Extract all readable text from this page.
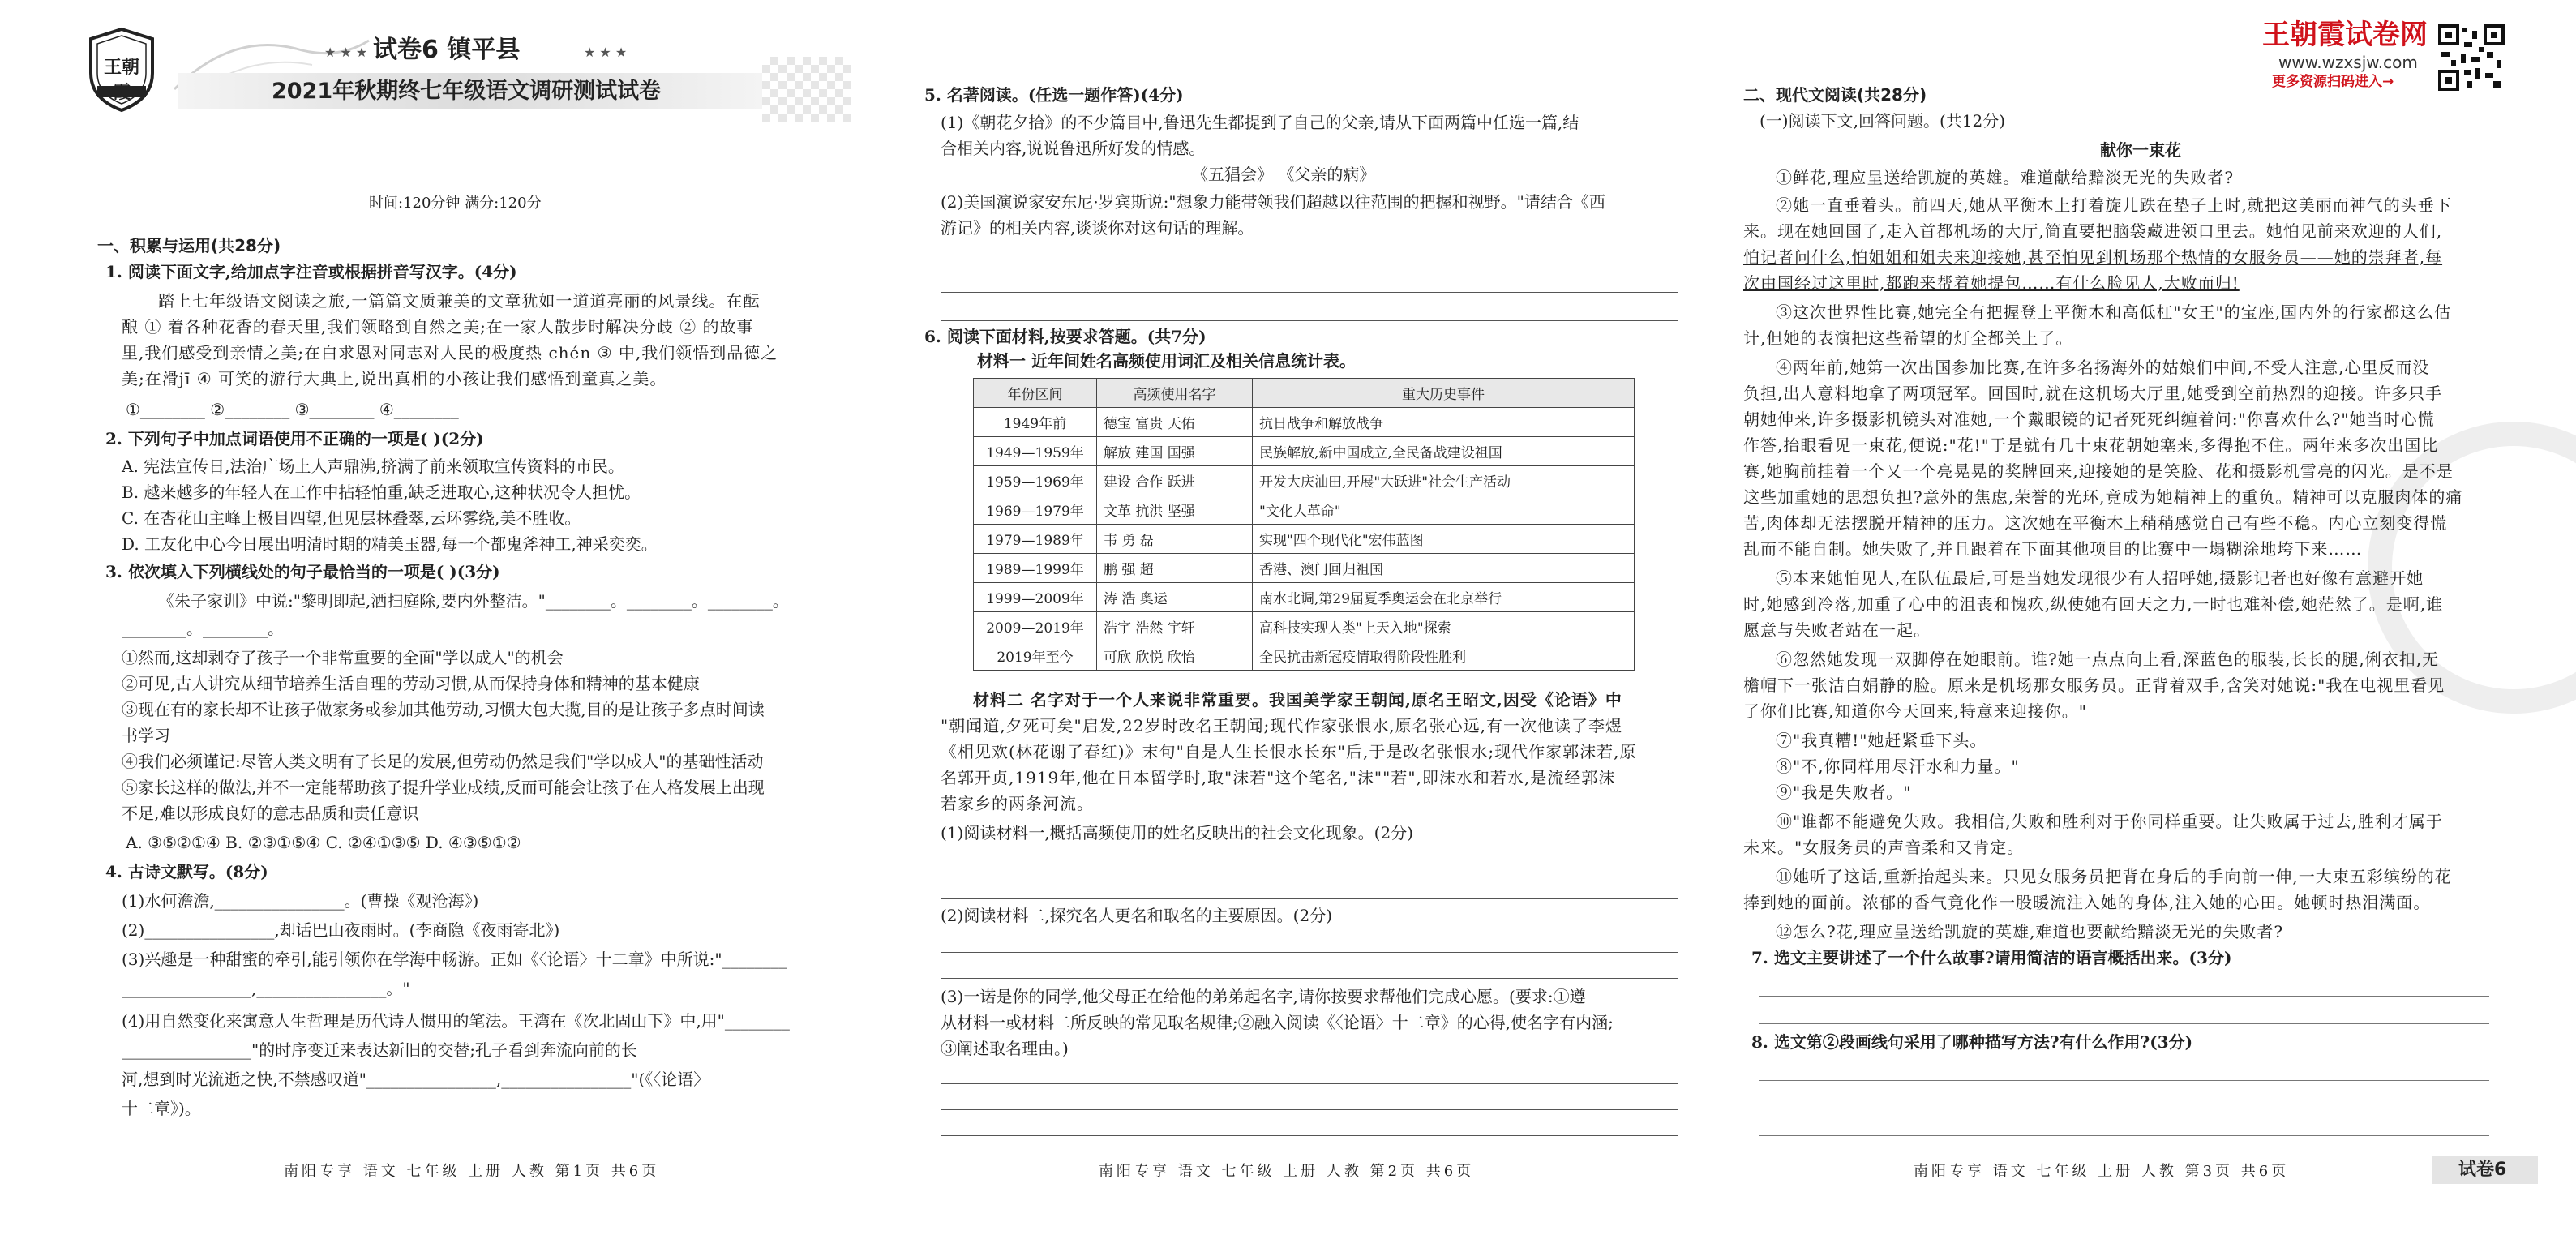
王朝霞
★ ★ ★ 试卷6 镇平县	★ ★ ★
2021年秋期终七年级语文调研测试试卷
时间:120分钟 满分:120分
一、积累与运用(共28分)
1. 阅读下面文字,给加点字注音或根据拼音写汉字。(4分)
踏上七年级语文阅读之旅,一篇篇文质兼美的文章犹如一道道亮丽的风景线。在酝
酿 ① 着各种花香的春天里,我们领略到自然之美;在一家人散步时解决分歧 ② 的故事
里,我们感受到亲情之美;在白求恩对同志对人民的极度热 chén ③ 中,我们领悟到品德之
美;在滑jī ④ 可笑的游行大典上,说出真相的小孩让我们感悟到童真之美。
①________ ②________ ③________ ④________
2. 下列句子中加点词语使用不正确的一项是( )(2分)
A. 宪法宣传日,法治广场上人声鼎沸,挤满了前来领取宣传资料的市民。
B. 越来越多的年轻人在工作中拈轻怕重,缺乏进取心,这种状况令人担忧。
C. 在杏花山主峰上极目四望,但见层林叠翠,云环雾绕,美不胜收。
D. 工友化中心今日展出明清时期的精美玉器,每一个都鬼斧神工,神采奕奕。
3. 依次填入下列横线处的句子最恰当的一项是( )(3分)
《朱子家训》中说:"黎明即起,洒扫庭除,要内外整洁。"________。________。________。
________。________。
①然而,这却剥夺了孩子一个非常重要的全面"学以成人"的机会
②可见,古人讲究从细节培养生活自理的劳动习惯,从而保持身体和精神的基本健康
③现在有的家长却不让孩子做家务或参加其他劳动,习惯大包大揽,目的是让孩子多点时间读
书学习
④我们必须谨记:尽管人类文明有了长足的发展,但劳动仍然是我们"学以成人"的基础性活动
⑤家长这样的做法,并不一定能帮助孩子提升学业成绩,反而可能会让孩子在人格发展上出现
不足,难以形成良好的意志品质和责任意识
A. ③⑤②①④ B. ②③①⑤④ C. ②④①③⑤ D. ④③⑤①②
4. 古诗文默写。(8分)
(1)水何澹澹,________________。(曹操《观沧海》)
(2)________________,却话巴山夜雨时。(李商隐《夜雨寄北》)
(3)兴趣是一种甜蜜的牵引,能引领你在学海中畅游。正如《〈论语〉十二章》中所说:"________
________________,________________。"
(4)用自然变化来寓意人生哲理是历代诗人惯用的笔法。王湾在《次北固山下》中,用"________
________________"的时序变迁来表达新旧的交替;孔子看到奔流向前的长
河,想到时光流逝之快,不禁感叹道"________________,________________"(《〈论语〉
十二章》)。
南阳专享 语文 七年级 上册 人教 第1页 共6页
5. 名著阅读。(任选一题作答)(4分)
(1)《朝花夕拾》的不少篇目中,鲁迅先生都提到了自己的父亲,请从下面两篇中任选一篇,结
合相关内容,说说鲁迅所好发的情感。
《五猖会》 《父亲的病》
(2)美国演说家安东尼·罗宾斯说:"想象力能带领我们超越以往范围的把握和视野。"请结合《西
游记》的相关内容,谈谈你对这句话的理解。
6. 阅读下面材料,按要求答题。(共7分)
材料一 近年间姓名高频使用词汇及相关信息统计表。
年份区间	高频使用名字	重大历史事件
1949年前	德宝 富贵 天佑	抗日战争和解放战争
1949—1959年	解放 建国 国强	民族解放,新中国成立,全民备战建设祖国
1959—1969年	建设 合作 跃进	开发大庆油田,开展"大跃进"社会生产活动
1969—1979年	文革 抗洪 坚强	"文化大革命"
1979—1989年	韦 勇 磊	实现"四个现代化"宏伟蓝图
1989—1999年	鹏 强 超	香港、澳门回归祖国
1999—2009年	涛 浩 奥运	南水北调,第29届夏季奥运会在北京举行
2009—2019年	浩宇 浩然 宇轩	高科技实现人类"上天入地"探索
2019年至今	可欣 欣悦 欣怡	全民抗击新冠疫情取得阶段性胜利
材料二 名字对于一个人来说非常重要。我国美学家王朝闻,原名王昭文,因受《论语》中
"朝闻道,夕死可矣"启发,22岁时改名王朝闻;现代作家张恨水,原名张心远,有一次他读了李煜
《相见欢(林花谢了春红)》末句"自是人生长恨水长东"后,于是改名张恨水;现代作家郭沫若,原
名郭开贞,1919年,他在日本留学时,取"沫若"这个笔名,"沫""若",即沫水和若水,是流经郭沫
若家乡的两条河流。
(1)阅读材料一,概括高频使用的姓名反映出的社会文化现象。(2分)
(2)阅读材料二,探究名人更名和取名的主要原因。(2分)
(3)一诺是你的同学,他父母正在给他的弟弟起名字,请你按要求帮他们完成心愿。(要求:①遵
从材料一或材料二所反映的常见取名规律;②融入阅读《〈论语〉十二章》的心得,使名字有内涵;
③阐述取名理由。)
南阳专享 语文 七年级 上册 人教 第2页 共6页
王朝霞试卷网
www.wzxsjw.com
更多资源扫码进入→
二、现代文阅读(共28分)
(一)阅读下文,回答问题。(共12分)
献你一束花
①鲜花,理应呈送给凯旋的英雄。难道献给黯淡无光的失败者?
②她一直垂着头。前四天,她从平衡木上打着旋儿跌在垫子上时,就把这美丽而神气的头垂下
来。现在她回国了,走入首都机场的大厅,简直要把脑袋藏进领口里去。她怕见前来欢迎的人们,
怕记者问什么,怕姐姐和姐夫来迎接她,甚至怕见到机场那个热情的女服务员——她的崇拜者,每
次由国经过这里时,都跑来帮着她提包……有什么脸见人,大败而归!
③这次世界性比赛,她完全有把握登上平衡木和高低杠"女王"的宝座,国内外的行家都这么估
计,但她的表演把这些希望的灯全都关上了。
④两年前,她第一次出国参加比赛,在许多名扬海外的姑娘们中间,不受人注意,心里反而没
负担,出人意料地拿了两项冠军。回国时,就在这机场大厅里,她受到空前热烈的迎接。许多只手
朝她伸来,许多摄影机镜头对准她,一个戴眼镜的记者死死纠缠着问:"你喜欢什么?"她当时心慌
作答,抬眼看见一束花,便说:"花!"于是就有几十束花朝她塞来,多得抱不住。两年来多次出国比
赛,她胸前挂着一个又一个亮晃晃的奖牌回来,迎接她的是笑脸、花和摄影机雪亮的闪光。是不是
这些加重她的思想负担?意外的焦虑,荣誉的光环,竟成为她精神上的重负。精神可以克服肉体的痛
苦,肉体却无法摆脱开精神的压力。这次她在平衡木上稍稍感觉自己有些不稳。内心立刻变得慌
乱而不能自制。她失败了,并且跟着在下面其他项目的比赛中一塌糊涂地垮下来……
⑤本来她怕见人,在队伍最后,可是当她发现很少有人招呼她,摄影记者也好像有意避开她
时,她感到冷落,加重了心中的沮丧和愧疚,纵使她有回天之力,一时也难补偿,她茫然了。是啊,谁
愿意与失败者站在一起。
⑥忽然她发现一双脚停在她眼前。谁?她一点点向上看,深蓝色的服装,长长的腿,俐衣扣,无
檐帽下一张洁白娟静的脸。原来是机场那女服务员。正背着双手,含笑对她说:"我在电视里看见
了你们比赛,知道你今天回来,特意来迎接你。"
⑦"我真糟!"她赶紧垂下头。
⑧"不,你同样用尽汗水和力量。"
⑨"我是失败者。"
⑩"谁都不能避免失败。我相信,失败和胜利对于你同样重要。让失败属于过去,胜利才属于
未来。"女服务员的声音柔和又肯定。
⑪她听了这话,重新抬起头来。只见女服务员把背在身后的手向前一伸,一大束五彩缤纷的花
捧到她的面前。浓郁的香气竟化作一股暖流注入她的身体,注入她的心田。她顿时热泪满面。
⑫怎么?花,理应呈送给凯旋的英雄,难道也要献给黯淡无光的失败者?
7. 选文主要讲述了一个什么故事?请用简洁的语言概括出来。(3分)
8. 选文第②段画线句采用了哪种描写方法?有什么作用?(3分)
南阳专享 语文 七年级 上册 人教 第3页 共6页	试卷6
